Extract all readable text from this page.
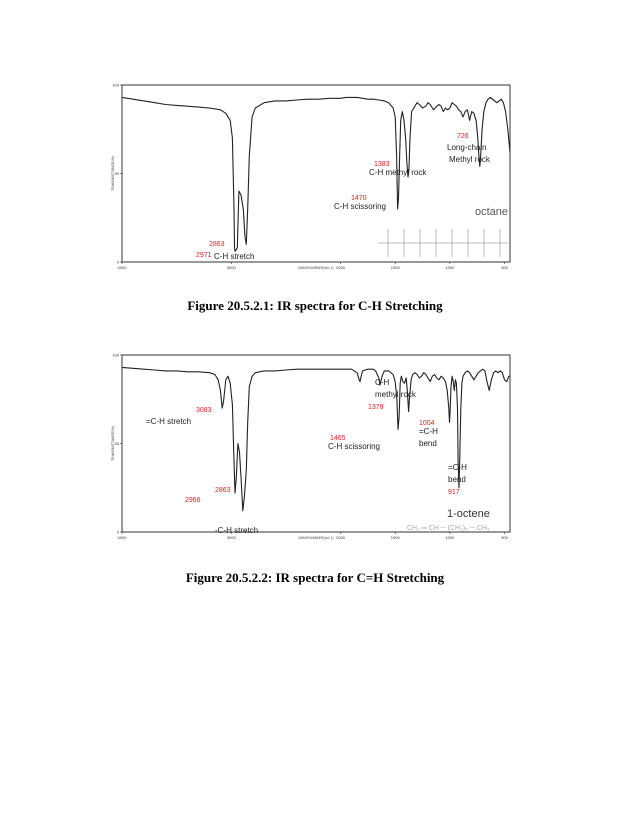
TRANSMITTANCE(%)
0
50
100
4000	3000	2000	1500	1000	500
WAVENUMBER(cm-1)
2971 C-H stretch
2863
1470
C-H scissoring
1383
C-H methyl rock
726
Long-chain
Methyl rock
octane
Figure 20.5.2.1: IR spectra for C-H Stretching
TRANSMITTANCE(%)
0
50
100
4000	3000	2000	1500	1000	500
WAVENUMBER(cm-1)
3083
=C-H stretch
2966
2863
-C-H stretch
1465
C-H scissoring
1378
C-H
methyl rock
1004
=C-H
bend
=C-H
bend
917
1-octene
CH₂ ═ CH ─ (CH₂)₅ ─ CH₃
Figure 20.5.2.2: IR spectra for C=H Stretching
